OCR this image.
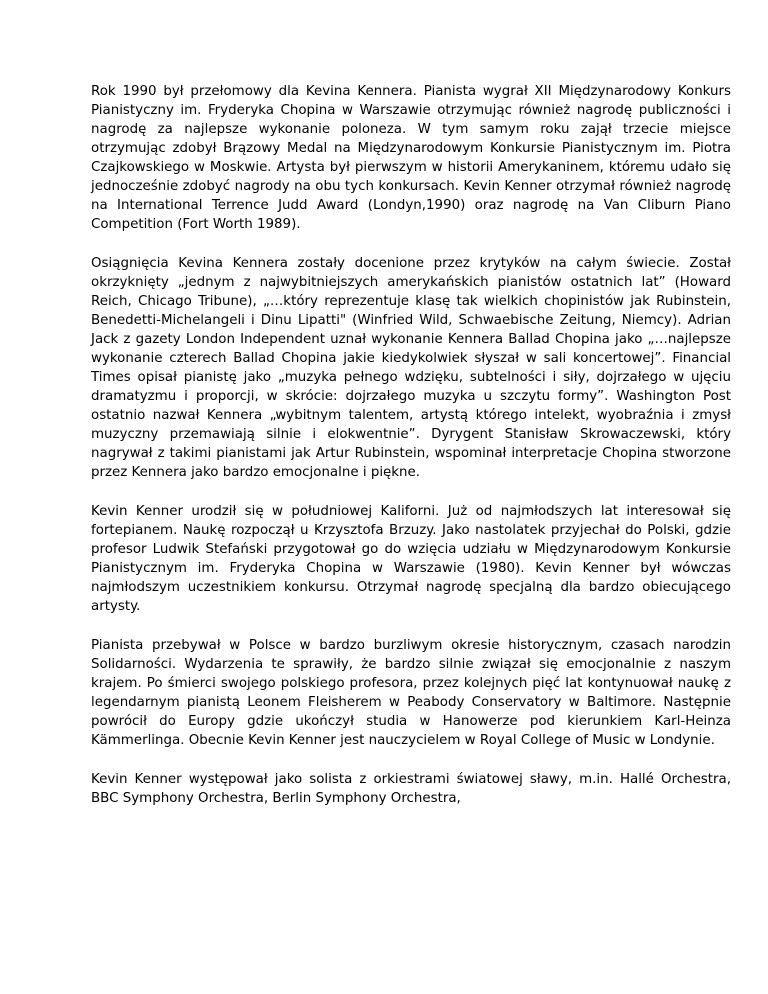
Rok 1990 był przełomowy dla Kevina Kennera. Pianista wygrał XII Międzynarodowy Konkurs Pianistyczny im. Fryderyka Chopina w Warszawie otrzymując również nagrodę publiczności i nagrodę za najlepsze wykonanie poloneza. W tym samym roku zajął trzecie miejsce otrzymując zdobył Brązowy Medal na Międzynarodowym Konkursie Pianistycznym im. Piotra Czajkowskiego w Moskwie. Artysta był pierwszym w historii Amerykaninem, któremu udało się jednocześnie zdobyć nagrody na obu tych konkursach. Kevin Kenner otrzymał również nagrodę na International Terrence Judd Award (Londyn,1990) oraz nagrodę na Van Cliburn Piano Competition (Fort Worth 1989).

Osiągnięcia Kevina Kennera zostały docenione przez krytyków na całym świecie. Został okrzyknięty „jednym z najwybitniejszych amerykańskich pianistów ostatnich lat” (Howard Reich, Chicago Tribune), „…który reprezentuje klasę tak wielkich chopinistów jak Rubinstein, Benedetti-Michelangeli i Dinu Lipatti" (Winfried Wild, Schwaebische Zeitung, Niemcy). Adrian Jack z gazety London Independent uznał wykonanie Kennera Ballad Chopina jako „…najlepsze wykonanie czterech Ballad Chopina jakie kiedykolwiek słyszał w sali koncertowej”. Financial Times opisał pianistę jako „muzyka pełnego wdzięku, subtelności i siły, dojrzałego w ujęciu dramatyzmu i proporcji, w skrócie: dojrzałego muzyka u szczytu formy”. Washington Post ostatnio nazwał Kennera „wybitnym talentem, artystą którego intelekt, wyobraźnia i zmysł muzyczny przemawiają silnie i elokwentnie”. Dyrygent Stanisław Skrowaczewski, który nagrywał z takimi pianistami jak Artur Rubinstein, wspominał interpretacje Chopina stworzone przez Kennera jako bardzo emocjonalne i piękne.

Kevin Kenner urodził się w południowej Kaliforni. Już od najmłodszych lat interesował się fortepianem. Naukę rozpoczął u Krzysztofa Brzuzy. Jako nastolatek przyjechał do Polski, gdzie profesor Ludwik Stefański przygotował go do wzięcia udziału w Międzynarodowym Konkursie Pianistycznym im. Fryderyka Chopina w Warszawie (1980). Kevin Kenner był wówczas najmłodszym uczestnikiem konkursu. Otrzymał nagrodę specjalną dla bardzo obiecującego artysty.

Pianista przebywał w Polsce w bardzo burzliwym okresie historycznym, czasach narodzin Solidarności. Wydarzenia te sprawiły, że bardzo silnie związał się emocjonalnie z naszym krajem. Po śmierci swojego polskiego profesora, przez kolejnych pięć lat kontynuował naukę z legendarnym pianistą Leonem Fleisherem w Peabody Conservatory w Baltimore. Następnie powrócił do Europy gdzie ukończył studia w Hanowerze pod kierunkiem Karl-Heinza Kämmerlinga. Obecnie Kevin Kenner jest nauczycielem w Royal College of Music w Londynie.

Kevin Kenner występował jako solista z orkiestrami światowej sławy, m.in. Hallé Orchestra, BBC Symphony Orchestra, Berlin Symphony Orchestra,
